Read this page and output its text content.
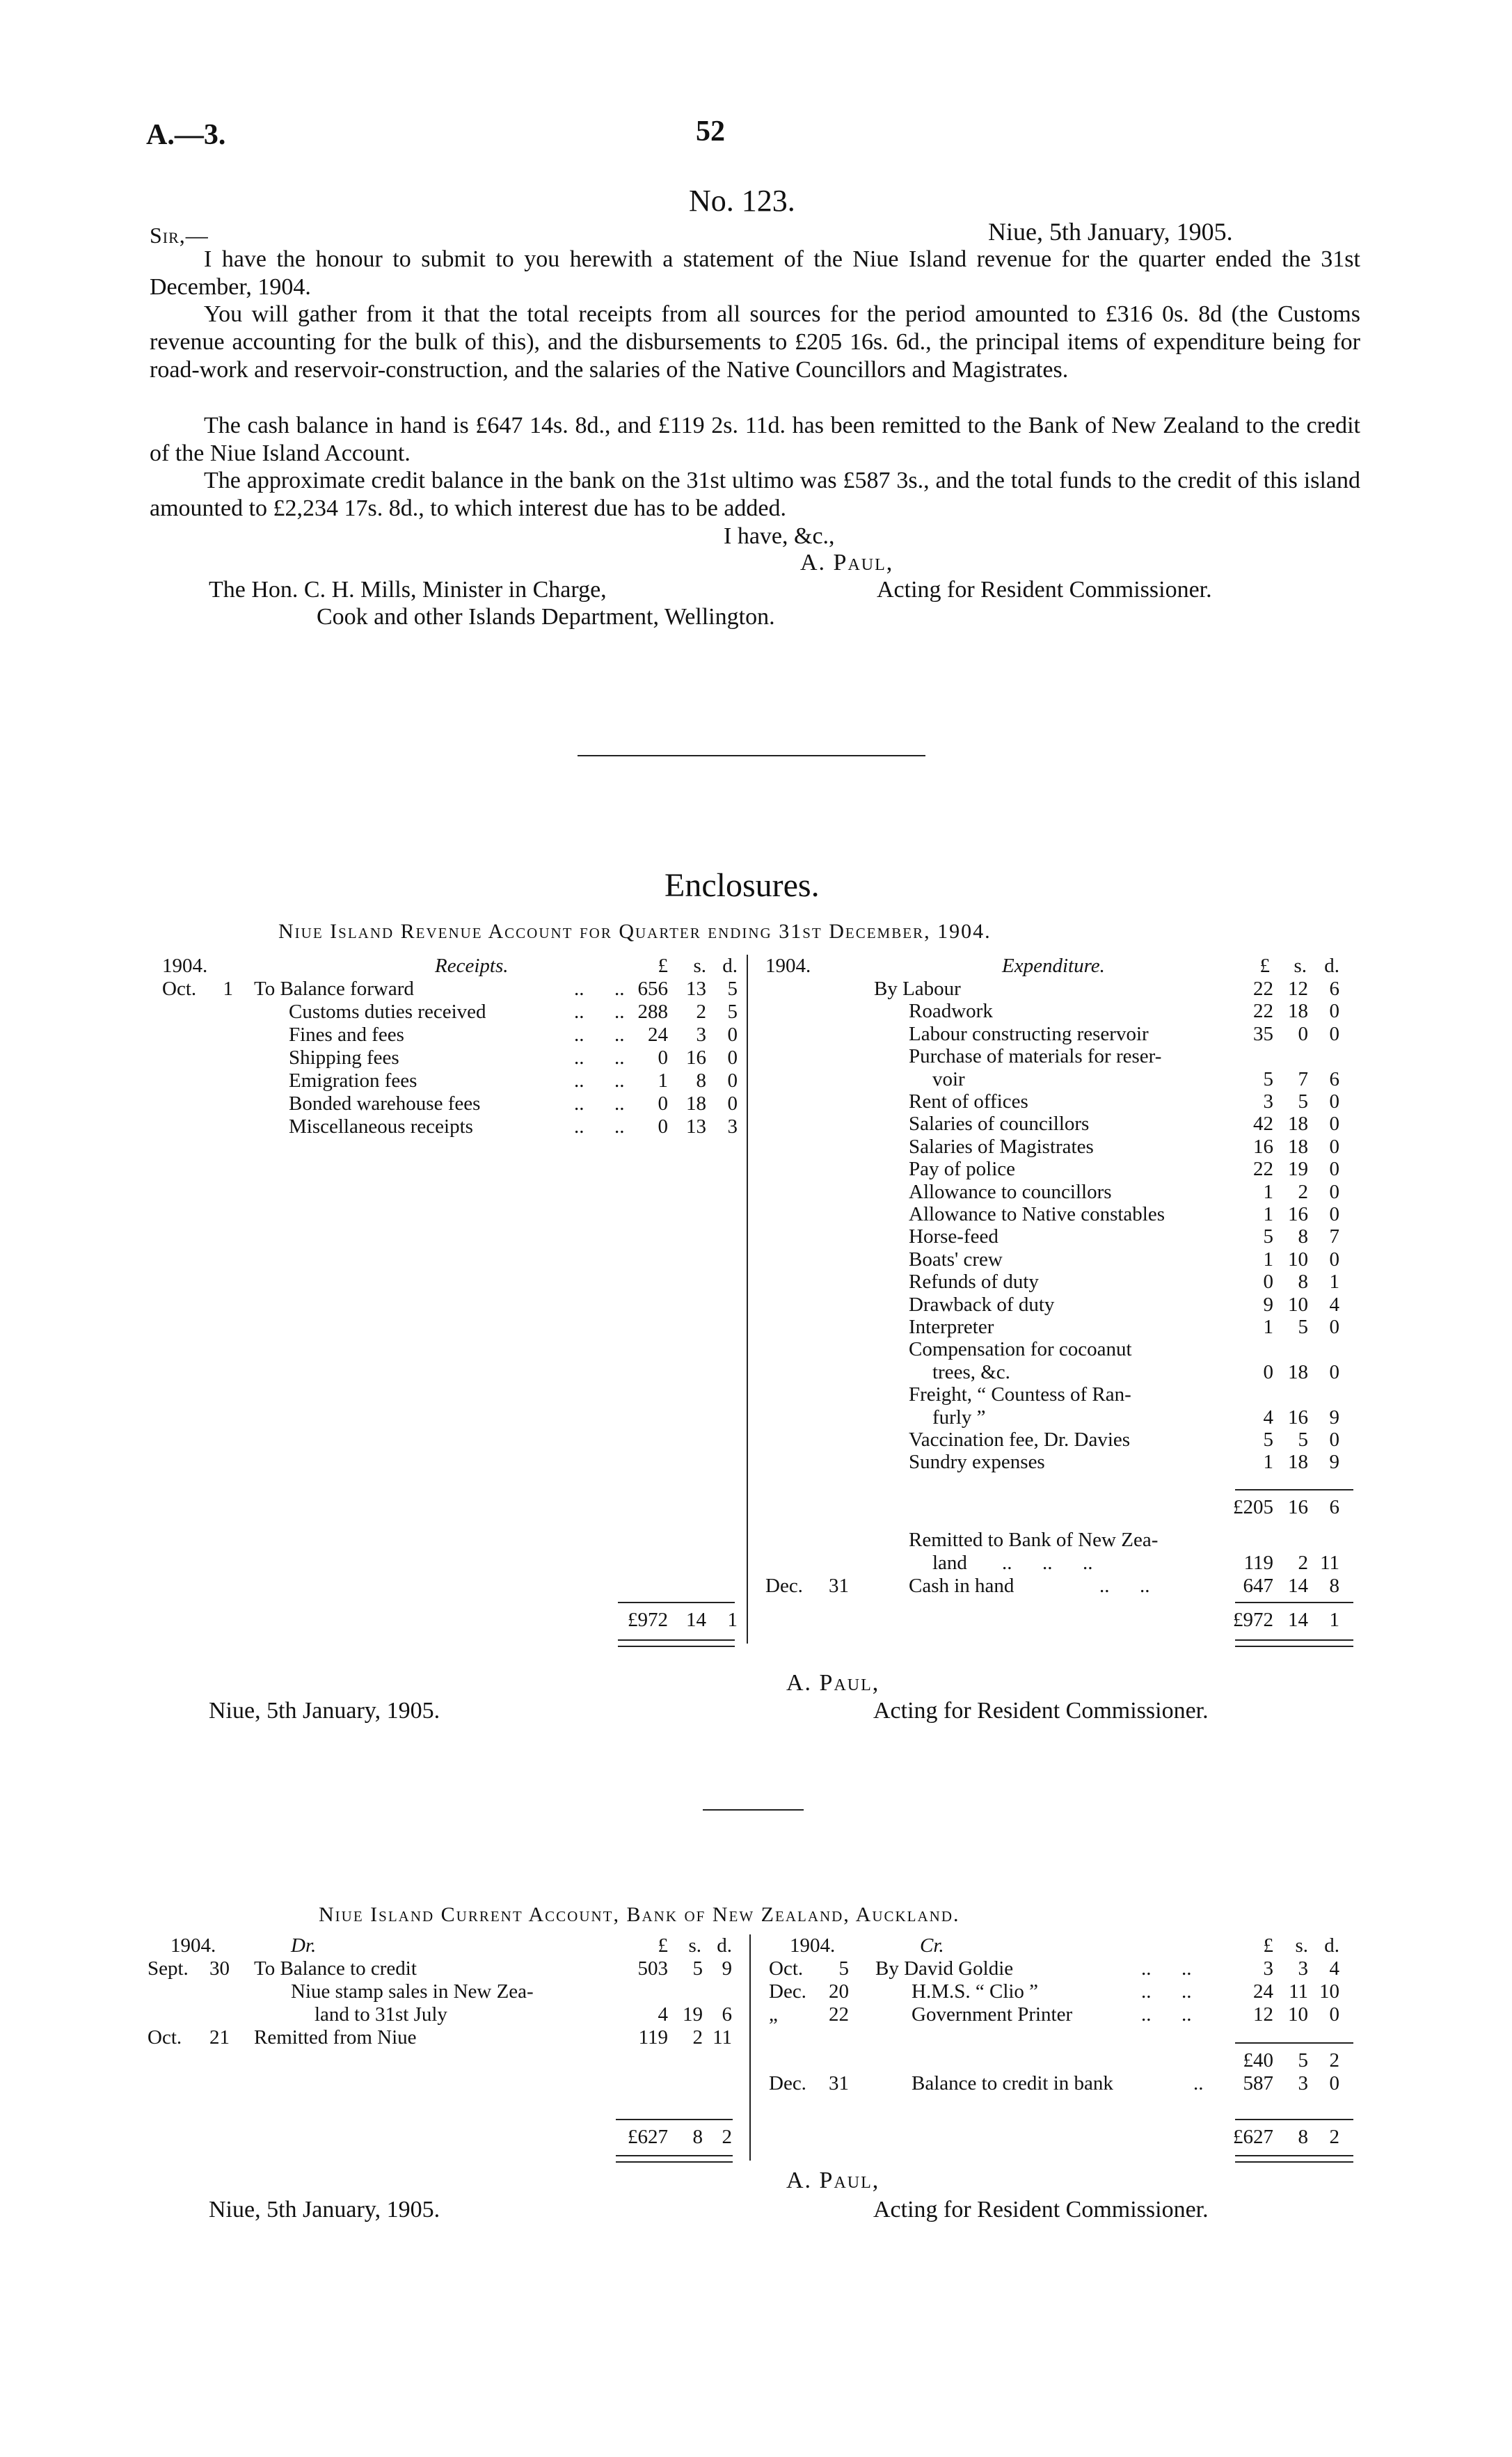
A.—3.	52
No. 123.
Sir,—	Niue, 5th January, 1905.
I have the honour to submit to you herewith a statement of the Niue Island revenue for the quarter ended the 31st December, 1904.
You will gather from it that the total receipts from all sources for the period amounted to £316 0s. 8d (the Customs revenue accounting for the bulk of this), and the disbursements to £205 16s. 6d., the principal items of expenditure being for road-work and reservoir-construction, and the salaries of the Native Councillors and Magistrates.
The cash balance in hand is £647 14s. 8d., and £119 2s. 11d. has been remitted to the Bank of New Zealand to the credit of the Niue Island Account.
The approximate credit balance in the bank on the 31st ultimo was £587 3s., and the total funds to the credit of this island amounted to £2,234 17s. 8d., to which interest due has to be added.
I have, &c.,
A. Paul,
The Hon. C. H. Mills, Minister in Charge,	Acting for Resident Commissioner.
Cook and other Islands Department, Wellington.
Enclosures.
Niue Island Revenue Account for Quarter ending 31st December, 1904.
1904.	Receipts.	£	s. d.
Oct.	1 To Balance forward	..      .. 656 13	5
Customs duties received	..      .. 288	2	5
Fines and fees	..      ..	24	3	0
Shipping fees	..      ..	0 16	0
Emigration fees	..      ..	1	8	0
Bonded warehouse fees	..      ..	0 18	0
Miscellaneous receipts	..      ..	0 13	3
£972 14	1
1904.	Expenditure.	£	s. d.
By Labour	22 12	6
Roadwork	22 18	0
Labour constructing reservoir	35	0	0
Purchase of materials for reser-
voir	5	7	6
Rent of offices	3	5	0
Salaries of councillors	42 18	0
Salaries of Magistrates	16 18	0
Pay of police	22 19	0
Allowance to councillors	1	2	0
Allowance to Native constables	1 16	0
Horse-feed	5	8	7
Boats' crew	1 10	0
Refunds of duty	0	8	1
Drawback of duty	9 10	4
Interpreter	1	5	0
Compensation for cocoanut
trees, &c.	0 18	0
Freight, “ Countess of Ran-
furly ”	4 16	9
Vaccination fee, Dr. Davies	5	5	0
Sundry expenses	1 18	9
£205 16	6
Remitted to Bank of New Zea-
land ..      ..      ..	119	2 11
Dec.	31	Cash in hand	..      ..	647 14	8
£972 14	1
A. Paul,
Niue, 5th January, 1905.	Acting for Resident Commissioner.
Niue Island Current Account, Bank of New Zealand, Auckland.
1904.	Dr.	£	s. d.
Sept.	30 To Balance to credit	503	5 9
Niue stamp sales in New Zea-
land to 31st July	4 19 6
Oct.	21 Remitted from Niue	119	2 11
£627	8 2
1904.	Cr.	£	s. d.
Oct.	5 By David Goldie	..      ..	3	3	4
Dec.	20	H.M.S. “ Clio ”	..      ..	24 11 10
„	22	Government Printer	..      ..	12 10	0
£40	5	2
Dec.	31	Balance to credit in bank	..	587	3	0
£627	8	2
A. Paul,
Niue, 5th January, 1905.	Acting for Resident Commissioner.
